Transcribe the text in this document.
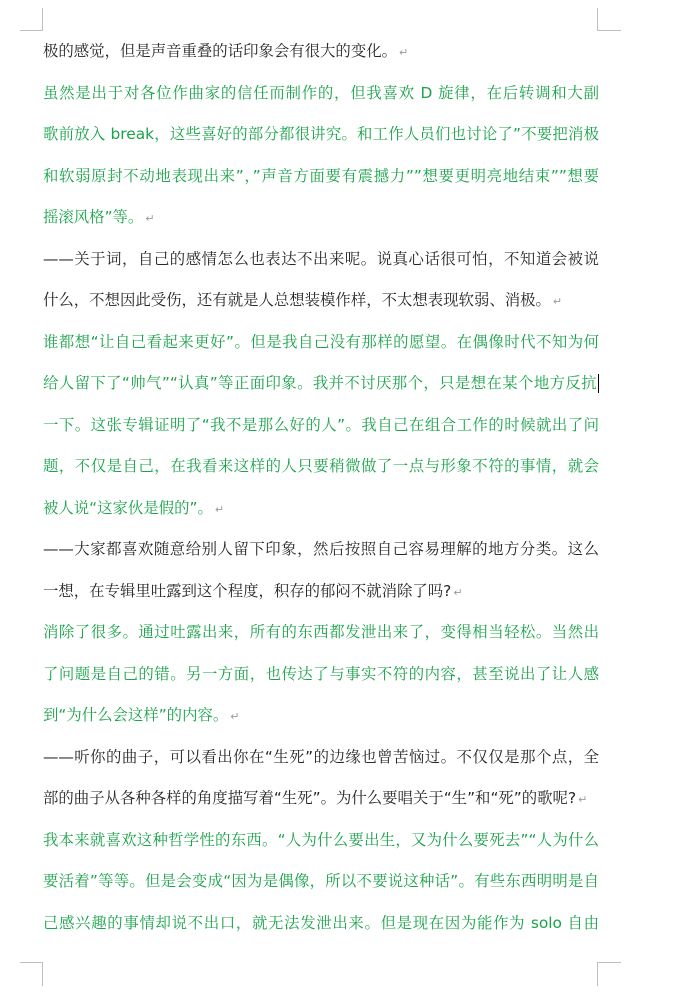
极的感觉，但是声音重叠的话印象会有很大的变化。 ↵
虽然是出于对各位作曲家的信任而制作的，但我喜欢 D 旋律，在后转调和大副
歌前放入 break，这些喜好的部分都很讲究。和工作人员们也讨论了”不要把消极
和软弱原封不动地表现出来”，”声音方面要有震撼力””想要更明亮地结束””想要
摇滚风格”等。 ↵
——关于词，自己的感情怎么也表达不出来呢。说真心话很可怕，不知道会被说
什么，不想因此受伤，还有就是人总想装模作样，不太想表现软弱、消极。 ↵
谁都想“让自己看起来更好”。但是我自己没有那样的愿望。在偶像时代不知为何
给人留下了“帅气”“认真”等正面印象。我并不讨厌那个，只是想在某个地方反抗
一下。这张专辑证明了“我不是那么好的人”。我自己在组合工作的时候就出了问
题，不仅是自己，在我看来这样的人只要稍微做了一点与形象不符的事情，就会
被人说“这家伙是假的”。 ↵
——大家都喜欢随意给别人留下印象，然后按照自己容易理解的地方分类。这么
一想，在专辑里吐露到这个程度，积存的郁闷不就消除了吗? ↵
消除了很多。通过吐露出来，所有的东西都发泄出来了，变得相当轻松。当然出
了问题是自己的错。另一方面，也传达了与事实不符的内容，甚至说出了让人感
到“为什么会这样”的内容。 ↵
——听你的曲子，可以看出你在“生死”的边缘也曾苦恼过。不仅仅是那个点，全
部的曲子从各种各样的角度描写着“生死”。为什么要唱关于“生”和“死”的歌呢? ↵
我本来就喜欢这种哲学性的东西。“人为什么要出生，又为什么要死去”“人为什么
要活着”等等。但是会变成“因为是偶像，所以不要说这种话”。有些东西明明是自
己感兴趣的事情却说不出口，就无法发泄出来。但是现在因为能作为 solo 自由
